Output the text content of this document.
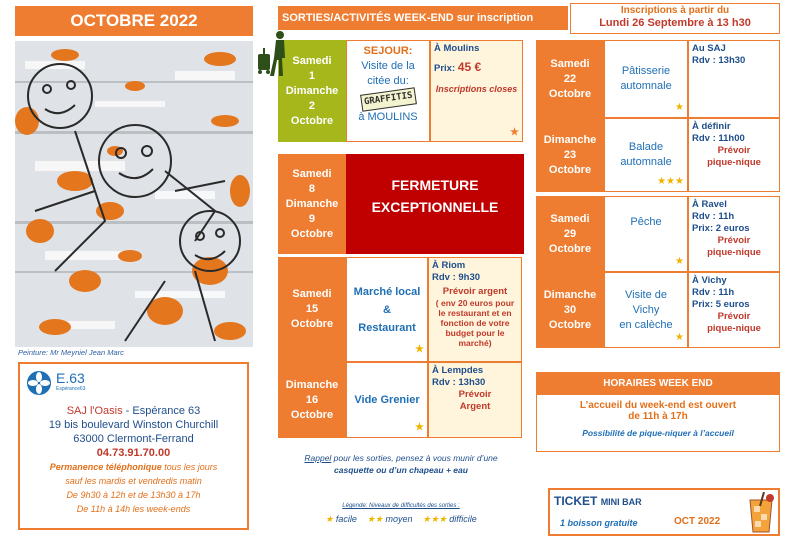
OCTOBRE 2022
Peinture: Mr Meyniel Jean Marc
E.63
Espérance63
SAJ l'Oasis - Espérance 63
19 bis boulevard Winston Churchill
63000 Clermont-Ferrand
04.73.91.70.00
Permanence téléphonique tous les jours
sauf les mardis et vendredis matin
De 9h30 à 12h et de 13h30 à 17h
De 11h à 14h les week-ends
SORTIES/ACTIVITÉS WEEK-END sur inscription
Inscriptions à partir du
Lundi 26 Septembre à 13 h30
Samedi
1
Dimanche
2
Octobre
SEJOUR:
Visite de la
citée du:
GRAFFITIS
à MOULINS
À Moulins
Prix: 45 €
Inscriptions closes
★
Samedi
8
Dimanche
9
Octobre
FERMETURE
EXCEPTIONNELLE
Samedi
15
Octobre
Marché local
&
Restaurant
★
À Riom
Rdv : 9h30
Prévoir argent
( env 20 euros pour le restaurant et en fonction de votre budget pour le marché)
Dimanche
16
Octobre
Vide Grenier
★
À Lempdes
Rdv : 13h30
Prévoir
Argent
Rappel pour les sorties, pensez à vous munir d’une
casquette ou d’un chapeau + eau
Légende: Niveaux de difficultés des sorties :
★ facile ★★ moyen ★★★ difficile
Samedi
22
Octobre
Pâtisserie
automnale
★
Au SAJ
Rdv : 13h30
Dimanche
23
Octobre
Balade
automnale
★★★
À définir
Rdv : 11h00
Prévoir
pique-nique
Samedi
29
Octobre
Pêche
★
À Ravel
Rdv : 11h
Prix: 2 euros
Prévoir
pique-nique
Dimanche
30
Octobre
Visite de
Vichy
en calèche
★
À Vichy
Rdv : 11h
Prix: 5 euros
Prévoir
pique-nique
HORAIRES WEEK END
L’accueil du week-end est ouvert
de 11h à 17h
Possibilité de pique-niquer à l’accueil
TICKET MINI BAR
1 boisson gratuite	OCT 2022
